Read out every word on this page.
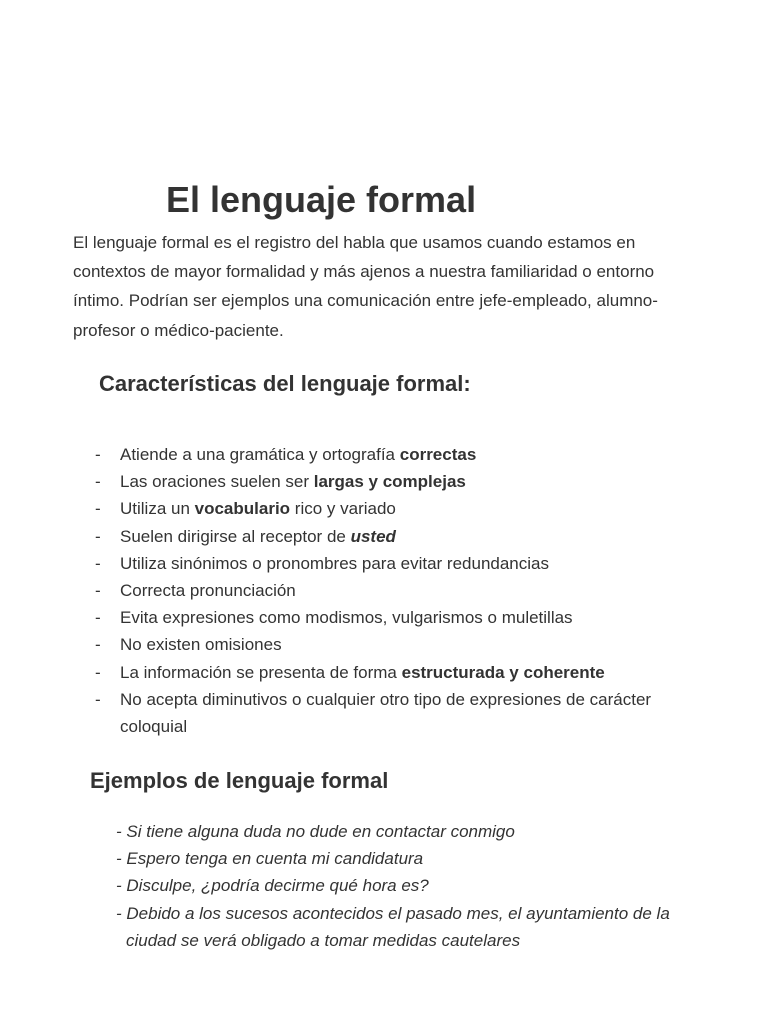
El lenguaje formal

El lenguaje formal es el registro del habla que usamos cuando estamos en contextos de mayor formalidad y más ajenos a nuestra familiaridad o entorno íntimo. Podrían ser ejemplos una comunicación entre jefe-empleado, alumno-profesor o médico-paciente.

Características del lenguaje formal:
- Atiende a una gramática y ortografía correctas
- Las oraciones suelen ser largas y complejas
- Utiliza un vocabulario rico y variado
- Suelen dirigirse al receptor de usted
- Utiliza sinónimos o pronombres para evitar redundancias
- Correcta pronunciación
- Evita expresiones como modismos, vulgarismos o muletillas
- No existen omisiones
- La información se presenta de forma estructurada y coherente
- No acepta diminutivos o cualquier otro tipo de expresiones de carácter coloquial
Ejemplos de lenguaje formal
- Si tiene alguna duda no dude en contactar conmigo
- Espero tenga en cuenta mi candidatura
- Disculpe, ¿podría decirme qué hora es?
- Debido a los sucesos acontecidos el pasado mes, el ayuntamiento de la ciudad se verá obligado a tomar medidas cautelares
